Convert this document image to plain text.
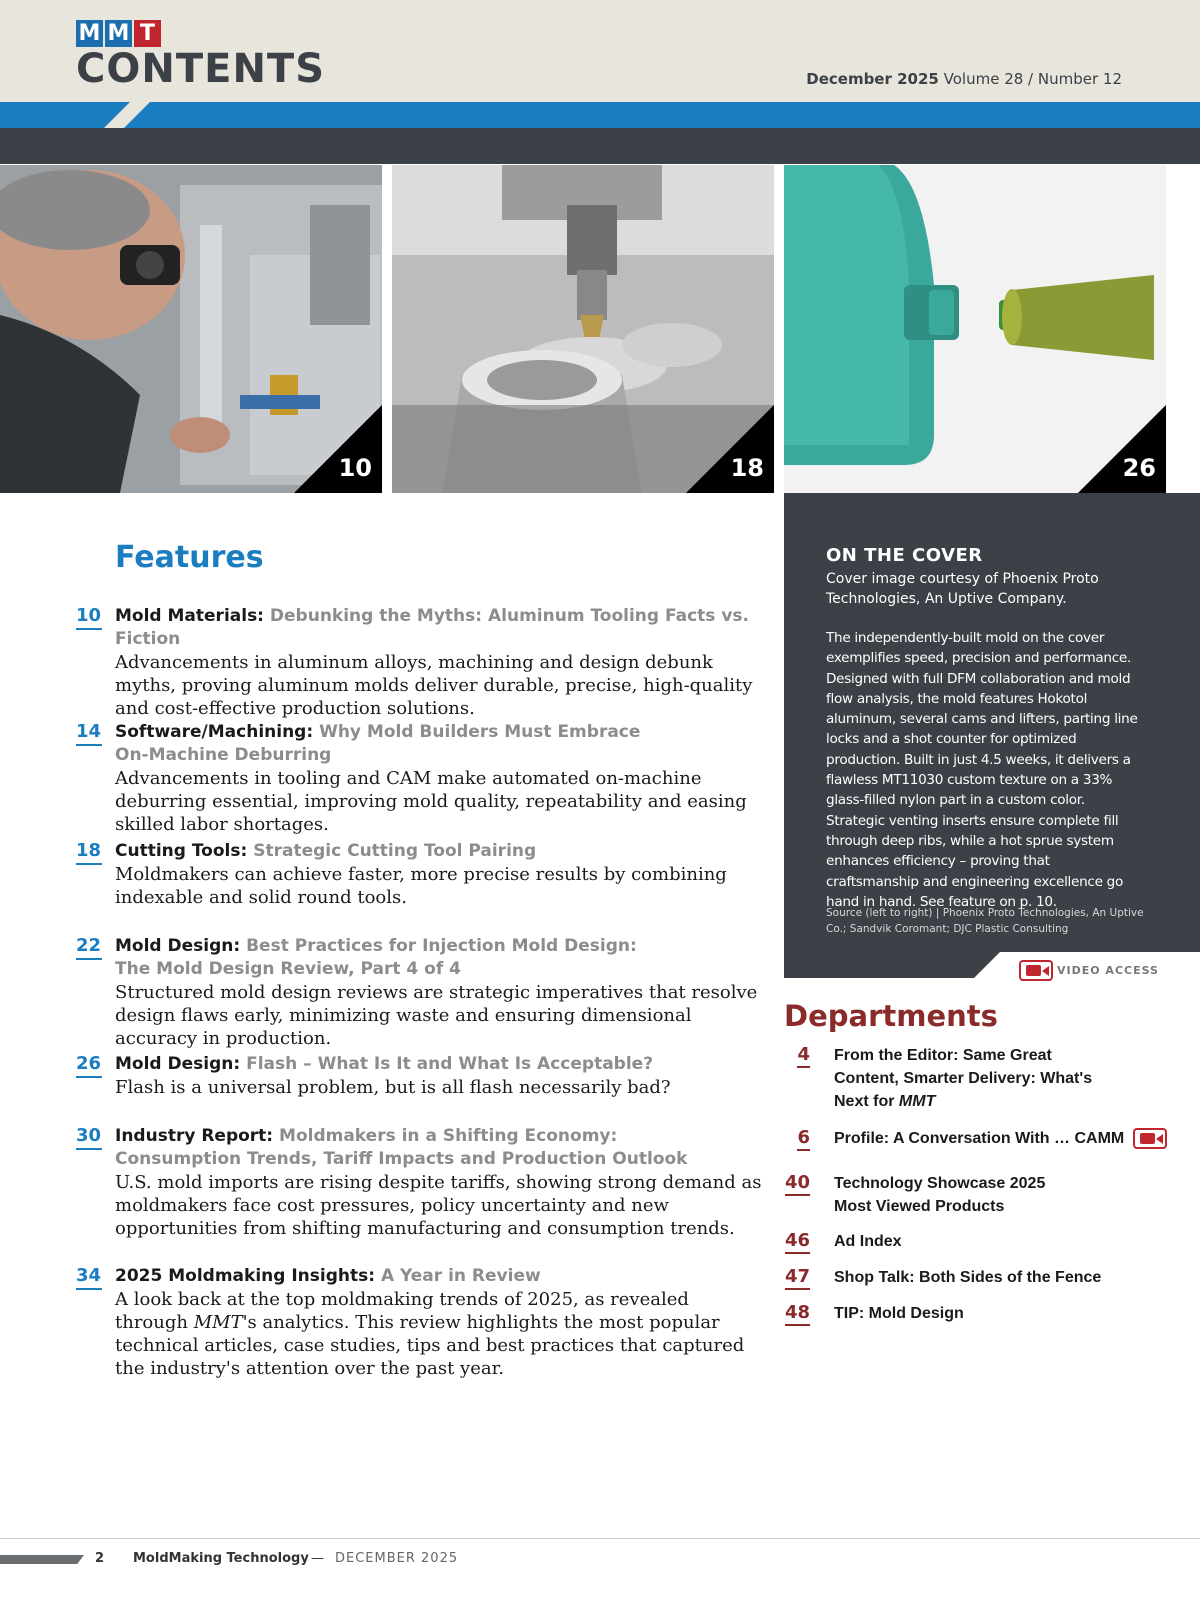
M M T
CONTENTS	December 2025 Volume 28 / Number 12
10	18	26
Features
10 Mold Materials: Debunking the Myths: Aluminum Tooling Facts vs. Fiction
Advancements in aluminum alloys, machining and design debunk myths, proving aluminum molds deliver durable, precise, high-quality and cost-effective production solutions.
14 Software/Machining: Why Mold Builders Must Embrace
On-Machine Deburring
Advancements in tooling and CAM make automated on-machine deburring essential, improving mold quality, repeatability and easing skilled labor shortages.
18 Cutting Tools: Strategic Cutting Tool Pairing
Moldmakers can achieve faster, more precise results by combining indexable and solid round tools.
22 Mold Design: Best Practices for Injection Mold Design:
The Mold Design Review, Part 4 of 4
Structured mold design reviews are strategic imperatives that resolve design flaws early, minimizing waste and ensuring dimensional accuracy in production.
26 Mold Design: Flash – What Is It and What Is Acceptable?
Flash is a universal problem, but is all flash necessarily bad?
30 Industry Report: Moldmakers in a Shifting Economy:
Consumption Trends, Tariff Impacts and Production Outlook
U.S. mold imports are rising despite tariffs, showing strong demand as moldmakers face cost pressures, policy uncertainty and new opportunities from shifting manufacturing and consumption trends.
34 2025 Moldmaking Insights: A Year in Review
A look back at the top moldmaking trends of 2025, as revealed through MMT's analytics. This review highlights the most popular technical articles, case studies, tips and best practices that captured the industry's attention over the past year.
ON THE COVER
Cover image courtesy of Phoenix Proto Technologies, An Uptive Company.
The independently-built mold on the cover exemplifies speed, precision and performance. Designed with full DFM collaboration and mold flow analysis, the mold features Hokotol aluminum, several cams and lifters, parting line locks and a shot counter for optimized production. Built in just 4.5 weeks, it delivers a flawless MT11030 custom texture on a 33% glass-filled nylon part in a custom color. Strategic venting inserts ensure complete fill through deep ribs, while a hot sprue system enhances efficiency – proving that craftsmanship and engineering excellence go hand in hand. See feature on p. 10.
Source (left to right) | Phoenix Proto Technologies, An Uptive Co.; Sandvik Coromant; DJC Plastic Consulting
VIDEO ACCESS
Departments
4 From the Editor: Same Great
Content, Smarter Delivery: What's
Next for MMT
6 Profile: A Conversation With … CAMM
40 Technology Showcase 2025
Most Viewed Products
46 Ad Index
47 Shop Talk: Both Sides of the Fence
48 TIP: Mold Design
2 MoldMaking Technology — DECEMBER 2025
